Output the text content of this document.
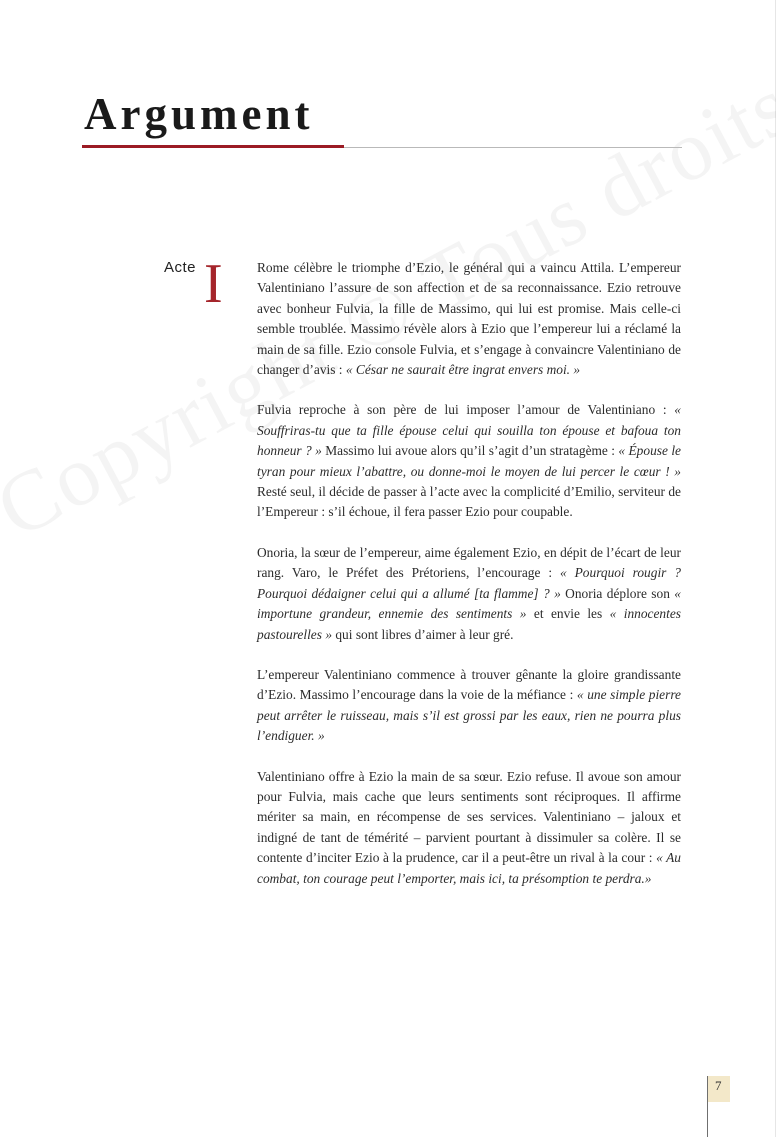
Argument
Acte I	Rome célèbre le triomphe d’Ezio, le général qui a vaincu Attila. L’empereur Valentiniano l’assure de son affection et de sa reconnaissance. Ezio retrouve avec bonheur Fulvia, la fille de Massimo, qui lui est promise. Mais celle-ci semble troublée. Massimo révèle alors à Ezio que l’empereur lui a réclamé la main de sa fille. Ezio console Fulvia, et s’engage à convaincre Valentiniano de changer d’avis : « César ne saurait être ingrat envers moi. »

Fulvia reproche à son père de lui imposer l’amour de Valentiniano : « Souffriras-tu que ta fille épouse celui qui souilla ton épouse et bafoua ton honneur ? » Massimo lui avoue alors qu’il s’agit d’un stratagème : « Épouse le tyran pour mieux l’abattre, ou donne-moi le moyen de lui percer le cœur ! » Resté seul, il décide de passer à l’acte avec la complicité d’Emilio, serviteur de l’Empereur : s’il échoue, il fera passer Ezio pour coupable.

Onoria, la sœur de l’empereur, aime également Ezio, en dépit de l’écart de leur rang. Varo, le Préfet des Prétoriens, l’encourage : « Pourquoi rougir ? Pourquoi dédaigner celui qui a allumé [ta flamme] ? » Onoria déplore son « importune grandeur, ennemie des sentiments » et envie les « innocentes pastourelles » qui sont libres d’aimer à leur gré.

L’empereur Valentiniano commence à trouver gênante la gloire grandissante d’Ezio. Massimo l’encourage dans la voie de la méfiance : « une simple pierre peut arrêter le ruisseau, mais s’il est grossi par les eaux, rien ne pourra plus l’endiguer. »

Valentiniano offre à Ezio la main de sa sœur. Ezio refuse. Il avoue son amour pour Fulvia, mais cache que leurs sentiments sont réciproques. Il affirme mériter sa main, en récompense de ses services. Valentiniano – jaloux et indigné de tant de témérité – parvient pourtant à dissimuler sa colère. Il se contente d’inciter Ezio à la prudence, car il a peut-être un rival à la cour : « Au combat, ton courage peut l’emporter, mais ici, ta présomption te perdra.»

7
